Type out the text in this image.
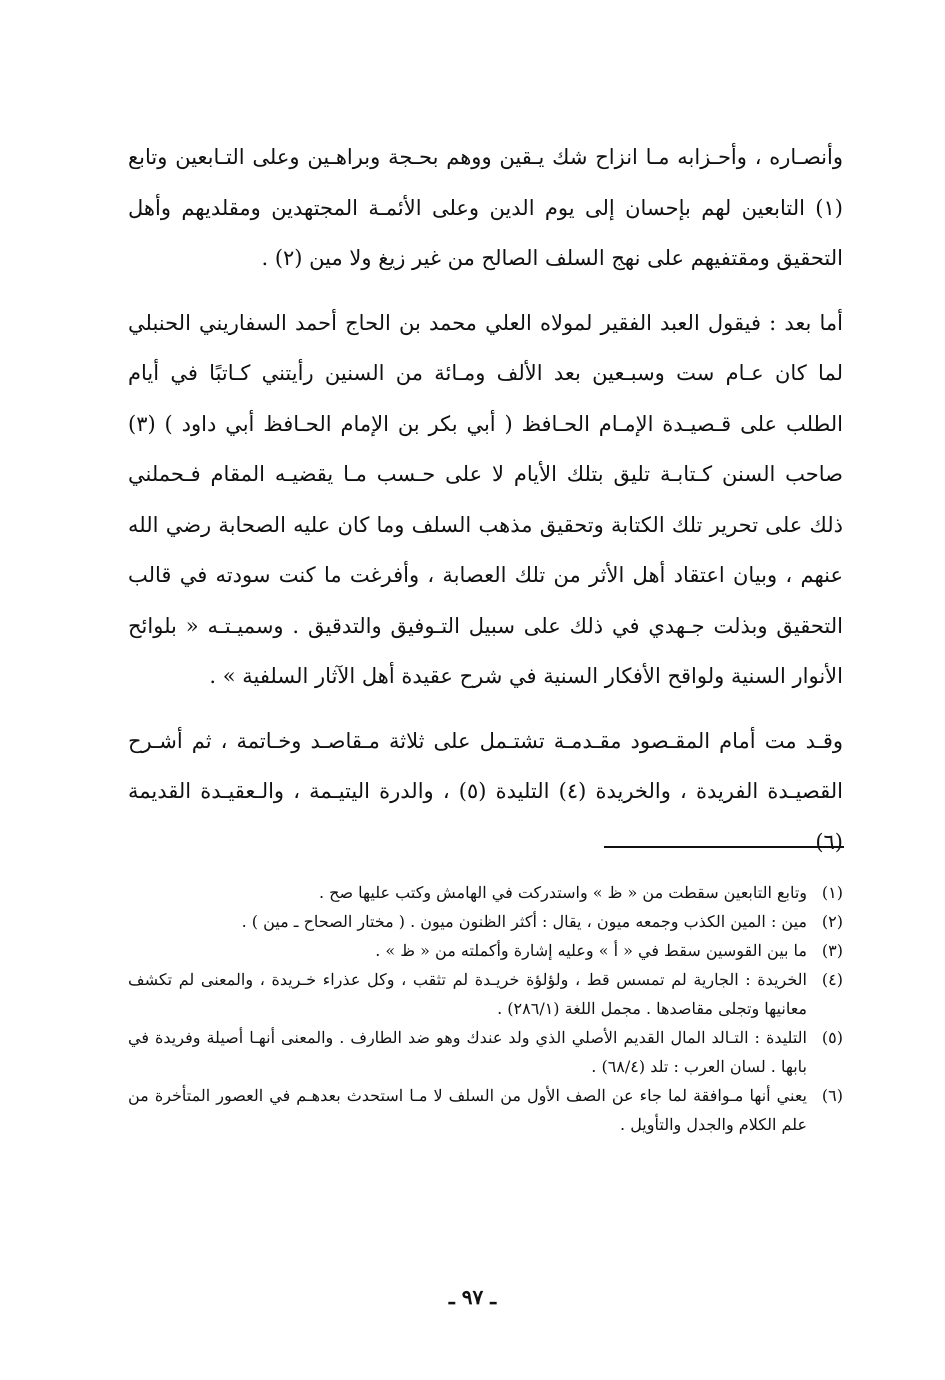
وأنصـاره ، وأحـزابه مـا انزاح شك يـقين ووهم بحـجة وبراهـين وعلى التـابعين وتابع (١) التابعين لهم بإحسان إلى يوم الدين وعلى الأئمـة المجتهدين ومقلديهم وأهل التحقيق ومقتفيهم على نهج السلف الصالح من غير زيغ ولا مين (٢) .

أما بعد : فيقول العبد الفقير لمولاه العلي محمد بن الحاج أحمد السفاريني الحنبلي لما كان عـام ست وسبـعين بعد الألف ومـائة من السنين رأيتني كـاتبًا في أيام الطلب على قـصيـدة الإمـام الحـافظ ( أبي بكر بن الإمام الحـافظ أبي داود ) (٣) صاحب السنن كـتابـة تليق بتلك الأيام لا على حـسب مـا يقضيـه المقام فـحملني ذلك على تحرير تلك الكتابة وتحقيق مذهب السلف وما كان عليه الصحابة رضي الله عنهم ، وبيان اعتقاد أهل الأثر من تلك العصابة ، وأفرغت ما كنت سودته في قالب التحقيق وبذلت جـهدي في ذلك على سبيل التـوفيق والتدقيق . وسميـتـه « بلوائح الأنوار السنية ولواقح الأفكار السنية في شرح عقيدة أهل الآثار السلفية » .

وقـد مت أمام المقـصود مقـدمـة تشتـمل على ثلاثة مـقاصـد وخـاتمة ، ثم أشـرح القصيـدة الفريدة ، والخريدة (٤) التليدة (٥) ، والدرة اليتيـمة ، والـعقيـدة القديمة (٦)

(١)
وتابع التابعين سقطت من « ظ » واستدركت في الهامش وكتب عليها صح .
(٢)
مين : المين الكذب وجمعه ميون ، يقال : أكثر الظنون ميون . ( مختار الصحاح ـ مين ) .
(٣)
ما بين القوسين سقط في « أ » وعليه إشارة وأكملته من « ظ » .
(٤)
الخريدة : الجارية لم تمسس قط ، ولؤلؤة خريـدة لم تثقب ، وكل عذراء خـريدة ، والمعنى لم تكشف معانيها وتجلى مقاصدها . مجمل اللغة (٢٨٦/١) .
(٥)
التليدة : التـالد المال القديم الأصلي الذي ولد عندك وهو ضد الطارف . والمعنى أنهـا أصيلة وفريدة في بابها . لسان العرب : تلد (٦٨/٤) .
(٦)
يعني أنها مـوافقة لما جاء عن الصف الأول من السلف لا مـا استحدث بعدهـم في العصور المتأخرة من علم الكلام والجدل والتأويل .
ـ ٩٧ ـ
